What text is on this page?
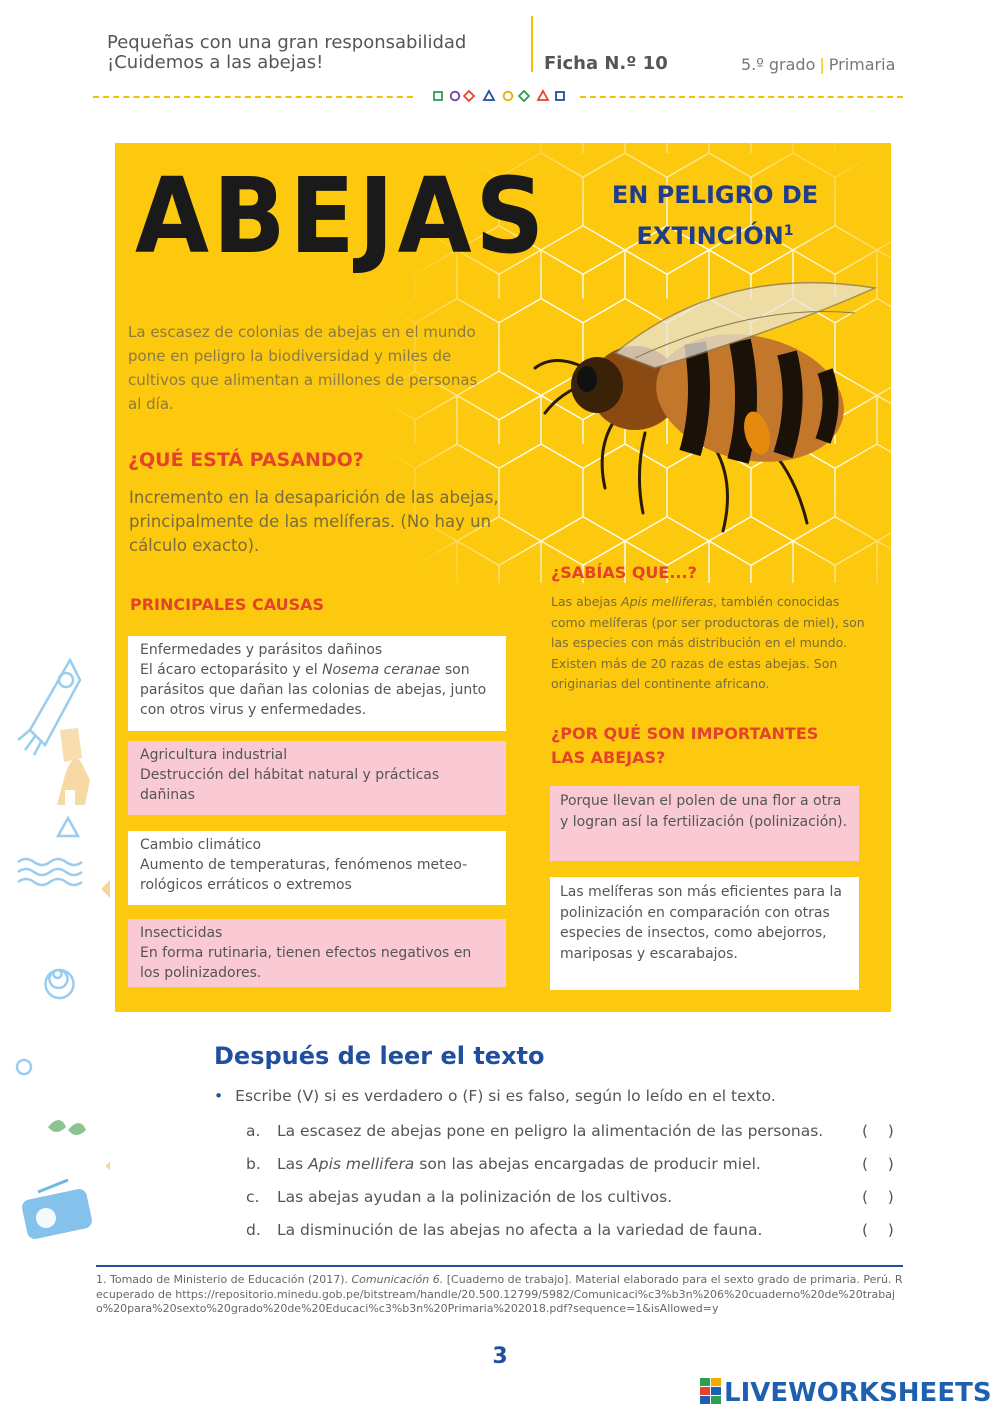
Pequeñas con una gran responsabilidad
¡Cuidemos a las abejas!	Ficha N.º 10	5.º grado | Primaria
ABEJAS	EN PELIGRO DE
EXTINCIÓN$^1$
La escasez de colonias de abejas en el mundo pone en peligro la biodiversidad y miles de cultivos que alimentan a millones de personas al día.
¿QUÉ ESTÁ PASANDO?
Incremento en la desaparición de las abejas, principalmente de las melíferas. (No hay un cálculo exacto).
PRINCIPALES CAUSAS
Enfermedades y parásitos dañinos
El ácaro ectoparásito y el Nosema ceranae son parásitos que dañan las colonias de abejas, junto con otros virus y enfermedades.
Agricultura industrial
Destrucción del hábitat natural y prácticas dañinas
Cambio climático
Aumento de temperaturas, fenómenos meteo-rológicos erráticos o extremos
Insecticidas
En forma rutinaria, tienen efectos negativos en los polinizadores.
¿SABÍAS QUE...?
Las abejas Apis melliferas, también conocidas como melíferas (por ser productoras de miel), son las especies con más distribución en el mundo. Existen más de 20 razas de estas abejas. Son originarias del continente africano.
¿POR QUÉ SON IMPORTANTES LAS ABEJAS?
Porque llevan el polen de una flor a otra y logran así la fertilización (polinización).
Las melíferas son más eficientes para la polinización en comparación con otras especies de insectos, como abejorros, mariposas y escarabajos.
Después de leer el texto
• Escribe (V) si es verdadero o (F) si es falso, según lo leído en el texto.
a. La escasez de abejas pone en peligro la alimentación de las personas.	(    )
b. Las Apis mellifera son las abejas encargadas de producir miel.	(    )
c. Las abejas ayudan a la polinización de los cultivos.	(    )
d. La disminución de las abejas no afecta a la variedad de fauna.	(    )
1. Tomado de Ministerio de Educación (2017). Comunicación 6. [Cuaderno de trabajo]. Material elaborado para el sexto grado de primaria. Perú. Recuperado de https://repositorio.minedu.gob.pe/bitstream/handle/20.500.12799/5982/Comunicaci%c3%b3n%206%20cuaderno%20de%20trabajo%20para%20sexto%20grado%20de%20Educaci%c3%b3n%20Primaria%202018.pdf?sequence=1&isAllowed=y
3
LIVEWORKSHEETS
